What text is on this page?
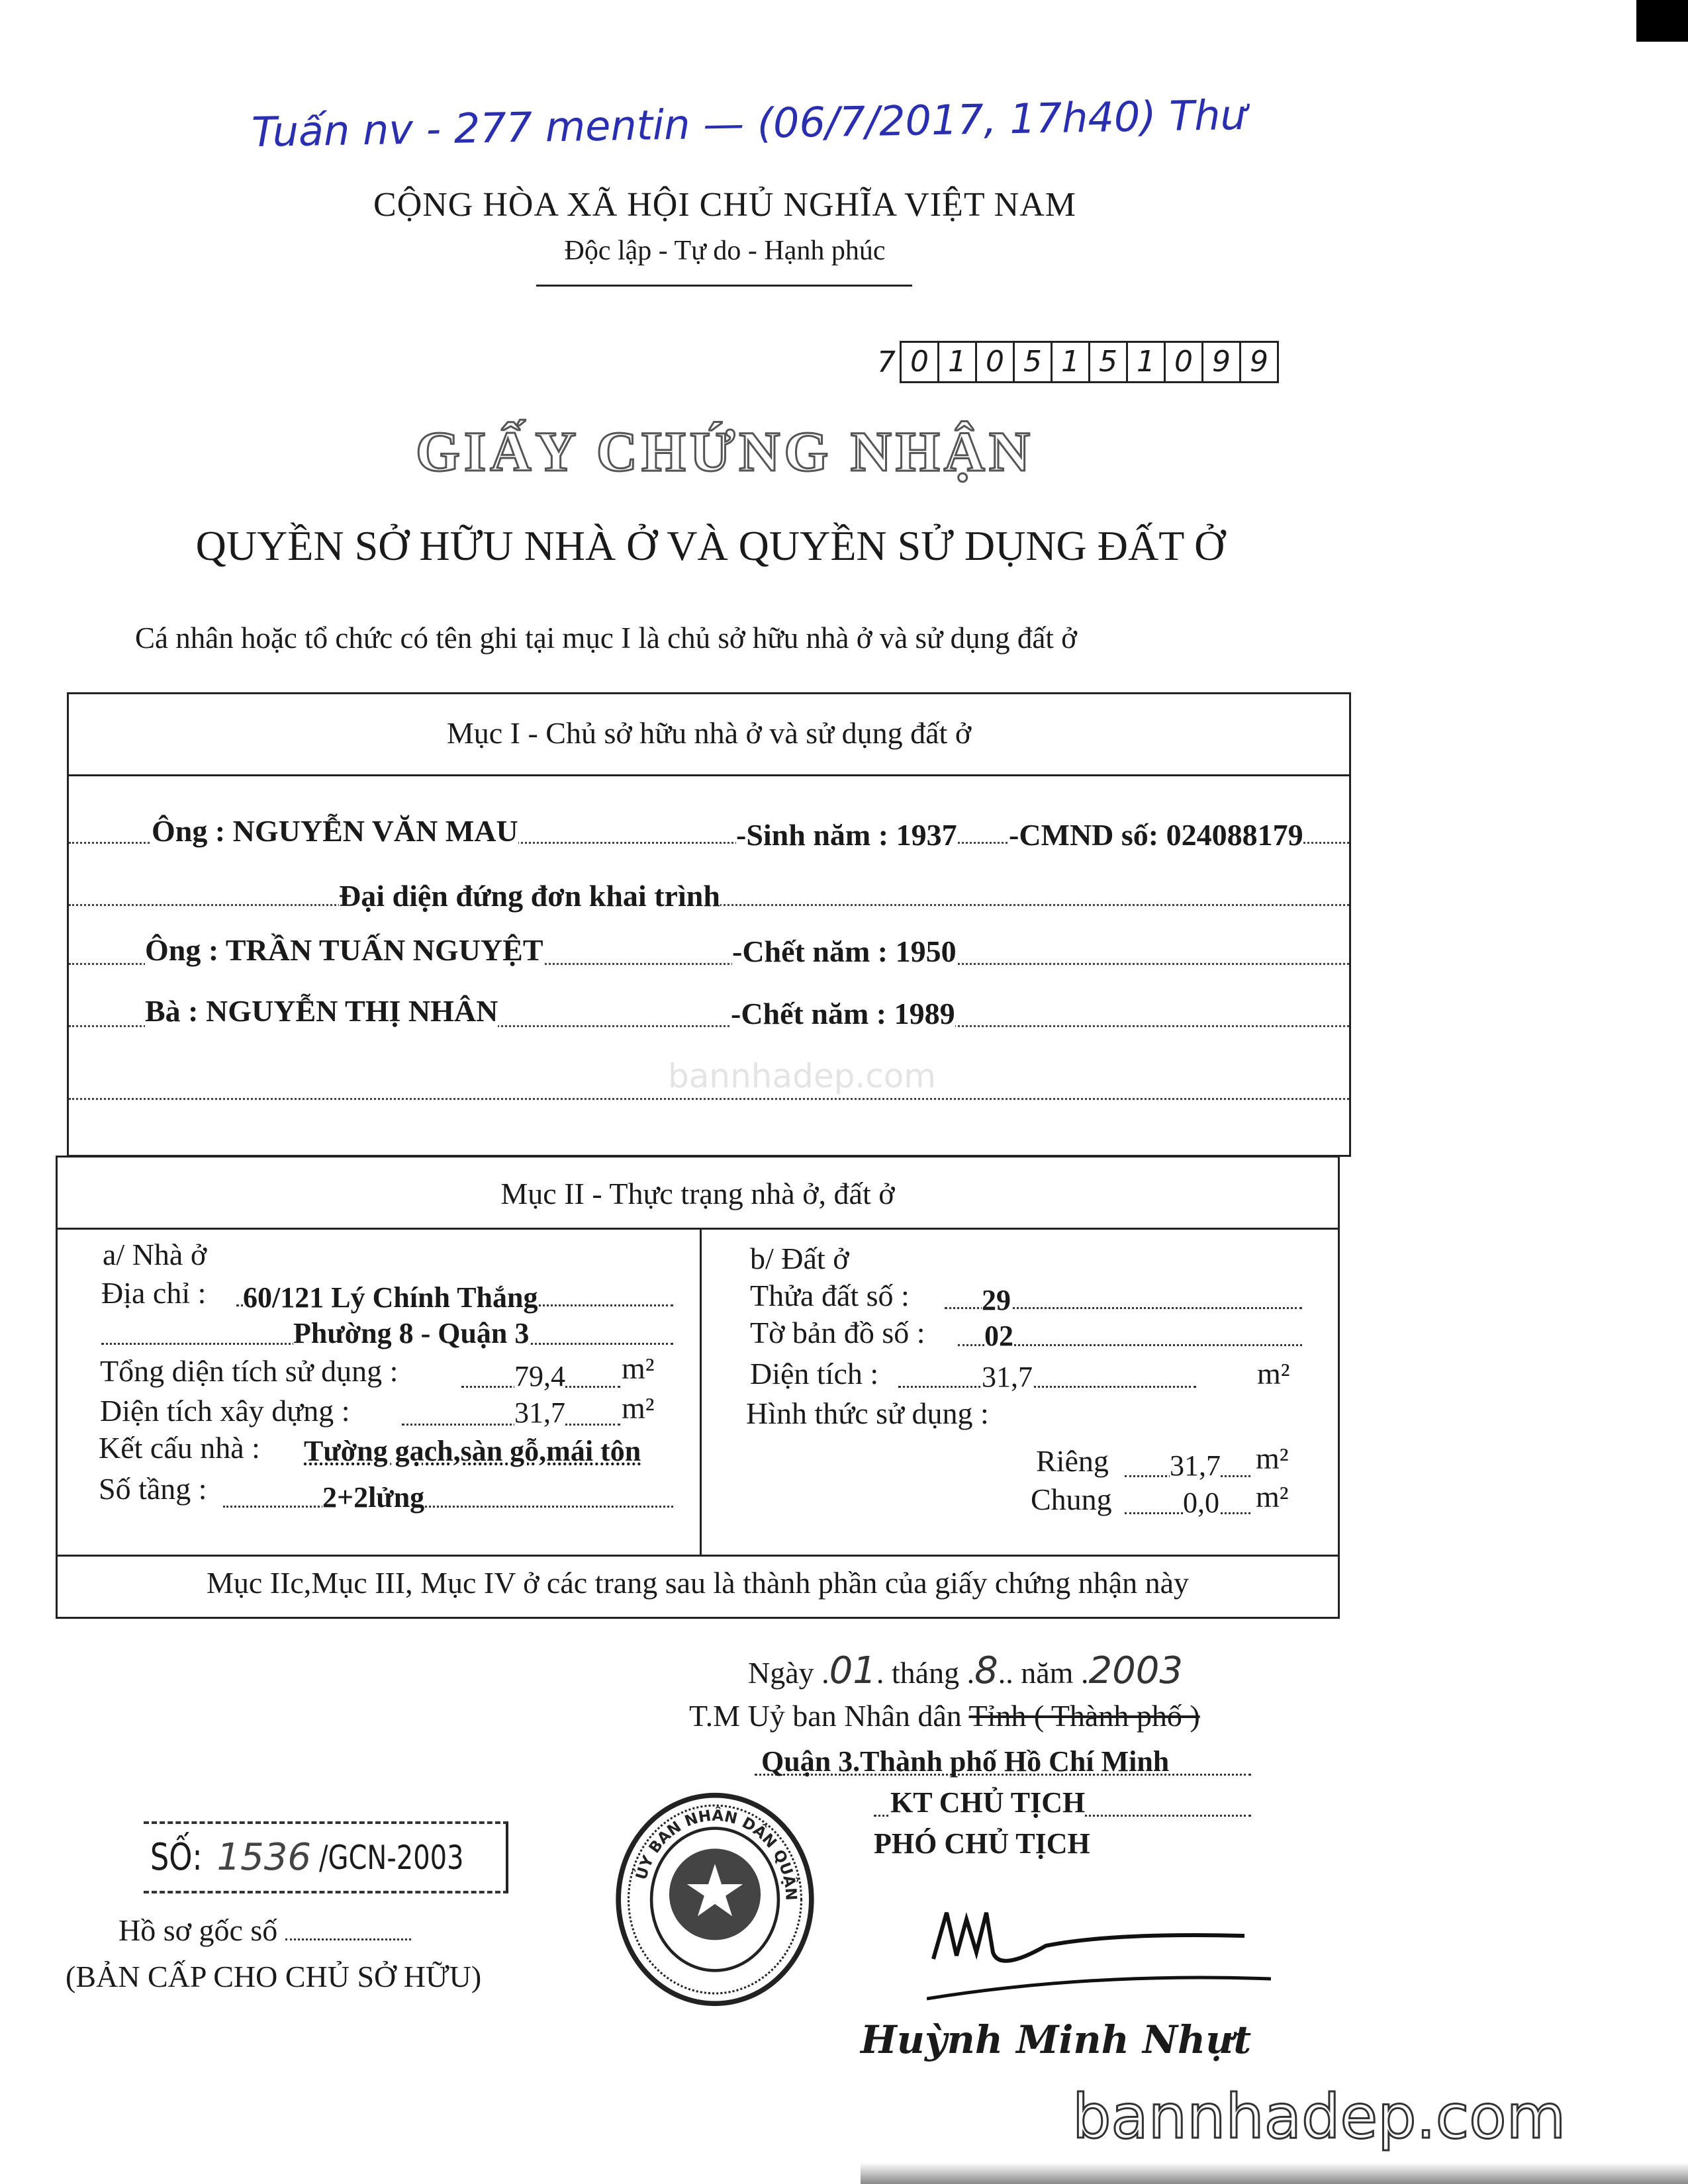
Tuấn nv - 277 mentin — (06/7/2017, 17h40) Thư
CỘNG HÒA XÃ HỘI CHỦ NGHĨA VIỆT NAM
Độc lập - Tự do - Hạnh phúc
7 0 1 0 5 1 5 1 0 9 9
GIẤY CHỨNG NHẬN
QUYỀN SỞ HỮU NHÀ Ở VÀ QUYỀN SỬ DỤNG ĐẤT Ở
Cá nhân hoặc tổ chức có tên ghi tại mục I là chủ sở hữu nhà ở và sử dụng đất ở
Mục I - Chủ sở hữu nhà ở và sử dụng đất ở
Ông : NGUYỄN VĂN MAU	-Sinh năm : 1937 -CMND số: 024088179
Đại diện đứng đơn khai trình
Ông : TRẦN TUẤN NGUYỆT	-Chết năm : 1950
Bà : NGUYỄN THỊ NHÂN	-Chết năm : 1989
bannhadep.com
Mục II - Thực trạng nhà ở, đất ở
a/ Nhà ở
Địa chỉ : 60/121 Lý Chính Thắng
Phường 8 - Quận 3
Tổng diện tích sử dụng :	79,4 m²
Diện tích xây dựng :	31,7 m²
Kết cấu nhà : Tường gạch,sàn gỗ,mái tôn
Số tầng :	2+2lửng
b/ Đất ở
Thửa đất số : 29
Tờ bản đồ số : 02
Diện tích :	31,7	m²
Hình thức sử dụng :
Riêng 31,7 m²
Chung 0,0 m²
Mục IIc,Mục III, Mục IV ở các trang sau là thành phần của giấy chứng nhận này
Ngày .01. tháng .8.. năm .2003
T.M Uỷ ban Nhân dân Tỉnh ( Thành phố )
Quận 3.Thành phố Hồ Chí Minh
KT CHỦ TỊCH
PHÓ CHỦ TỊCH
ỦY BAN NHÂN DÂN QUẬN
Huỳnh Minh Nhựt
SỐ: 1536 /GCN-2003
Hồ sơ gốc số
(BẢN CẤP CHO CHỦ SỞ HỮU)
bannhadep.com
